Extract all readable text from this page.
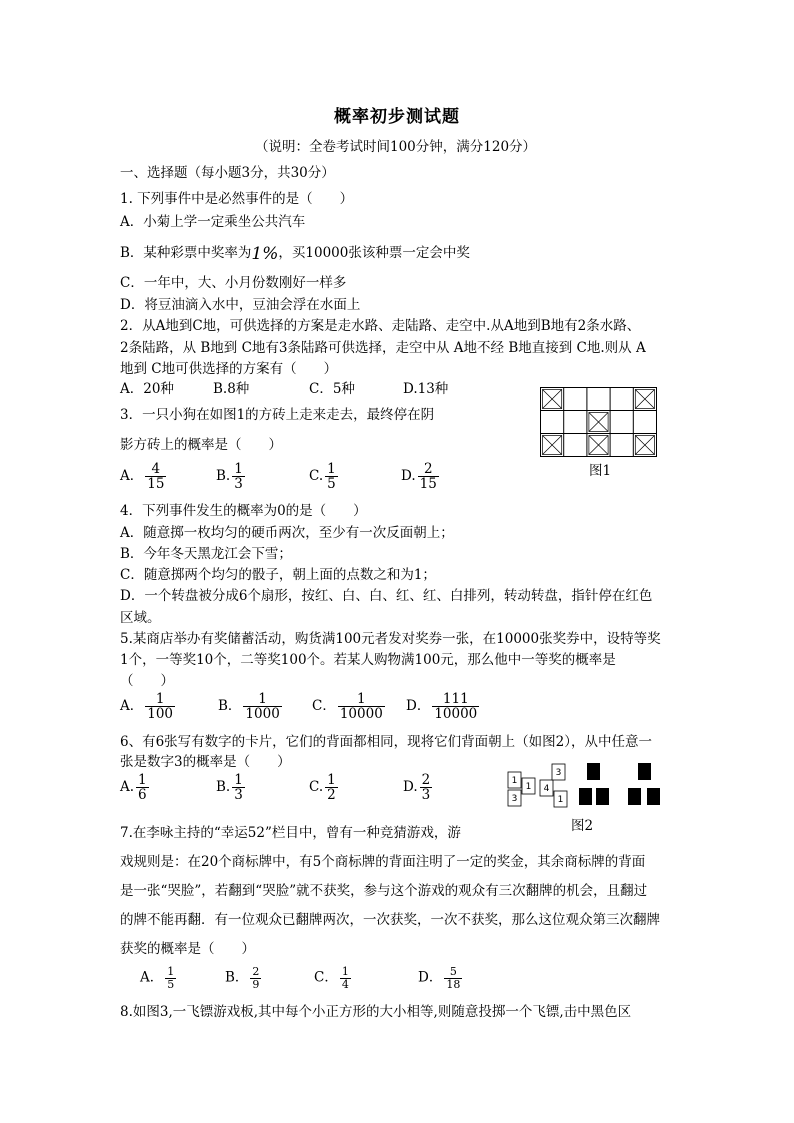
概率初步测试题
（说明：全卷考试时间100分钟，满分120分）
一、选择题（每小题3分，共30分）
1. 下列事件中是必然事件的是（　　）
A．小菊上学一定乘坐公共汽车
B．某种彩票中奖率为1%，买10000张该种票一定会中奖
C．一年中，大、小月份数刚好一样多
D．将豆油滴入水中，豆油会浮在水面上
2．从A地到C地，可供选择的方案是走水路、走陆路、走空中.从A地到B地有2条水路、
2条陆路，从 B地到 C地有3条陆路可供选择，走空中从 A地不经 B地直接到 C地.则从 A
地到 C地可供选择的方案有（　　）
A．20种	B.8种	C．5种	D.13种
3．一只小狗在如图1的方砖上走来走去，最终停在阴
影方砖上的概率是（　　）
A． $\frac{4}{15}$	B. $\frac{1}{3}$	C. $\frac{1}{5}$	D. $\frac{2}{15}$	图1
4．下列事件发生的概率为0的是（　　）
A．随意掷一枚均匀的硬币两次，至少有一次反面朝上；
B．今年冬天黑龙江会下雪；
C．随意掷两个均匀的骰子，朝上面的点数之和为1；
D．一个转盘被分成6个扇形，按红、白、白、红、红、白排列，转动转盘，指针停在红色
区域。
5.某商店举办有奖储蓄活动，购货满100元者发对奖券一张，在10000张奖券中，设特等奖
1个，一等奖10个，二等奖100个。若某人购物满100元，那么他中一等奖的概率是
（　　）
A． $\frac{1}{100}$	B． $\frac{1}{1000}$ C． $\frac{1}{10000}$ D． $\frac{111}{10000}$
6、有6张写有数字的卡片，它们的背面都相同，现将它们背面朝上（如图2），从中任意一
张是数字3的概率是（　　）
A. $\frac{1}{6}$	B. $\frac{1}{3}$	C. $\frac{1}{2}$	D. $\frac{2}{3}$	1
1
3
4
3
1
图2
7.在李咏主持的“幸运52”栏目中，曾有一种竞猜游戏，游
戏规则是：在20个商标牌中，有5个商标牌的背面注明了一定的奖金，其余商标牌的背面
是一张“哭脸”，若翻到“哭脸”就不获奖，参与这个游戏的观众有三次翻牌的机会，且翻过
的牌不能再翻．有一位观众已翻牌两次，一次获奖，一次不获奖，那么这位观众第三次翻牌
获奖的概率是（　　）
A． $\frac{1}{5}$	B． $\frac{2}{9}$	C． $\frac{1}{4}$	D． $\frac{5}{18}$
8.如图3,一飞镖游戏板,其中每个小正方形的大小相等,则随意投掷一个飞镖,击中黑色区
